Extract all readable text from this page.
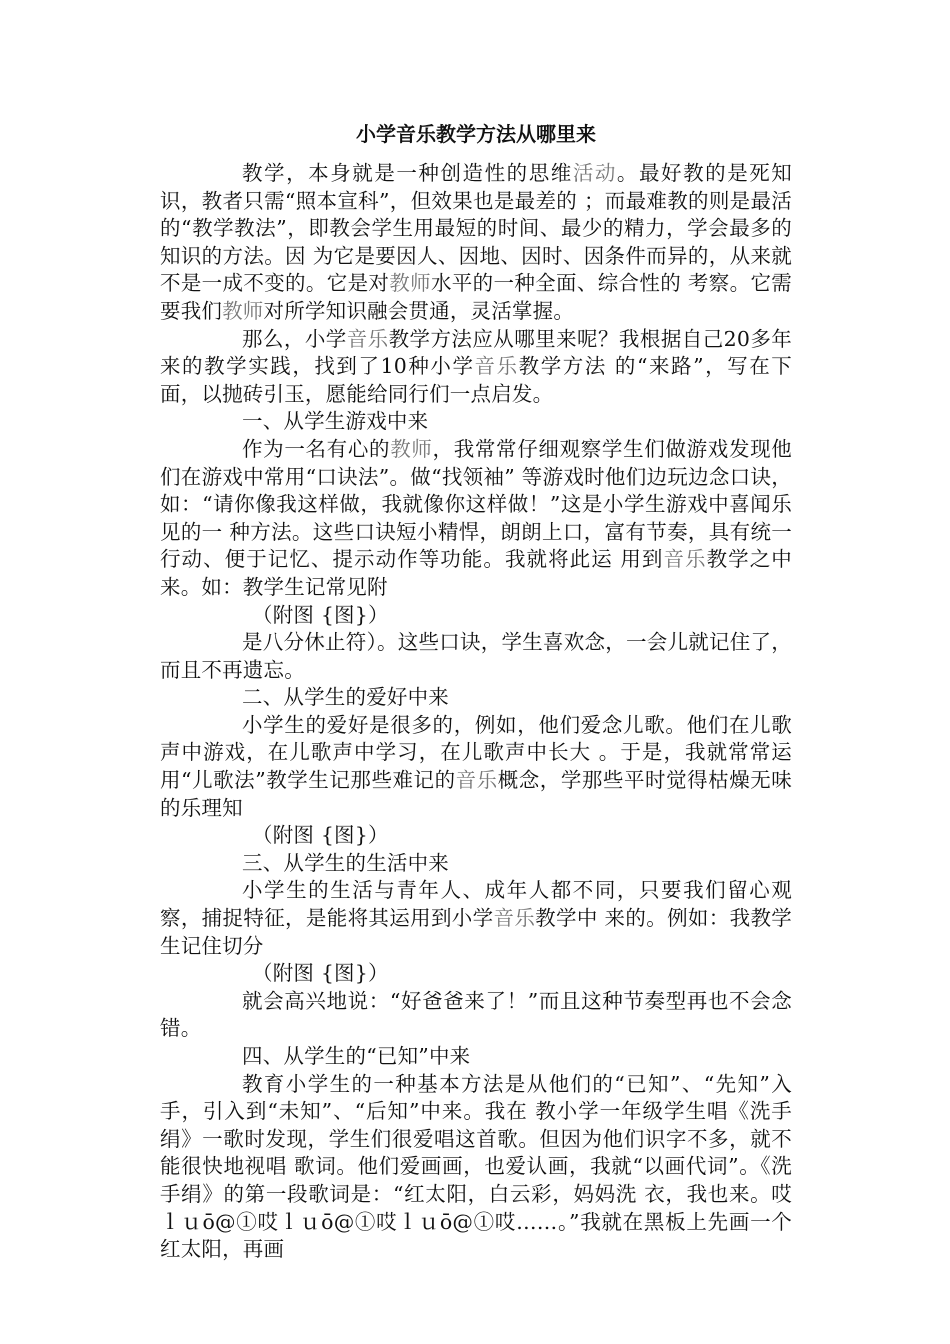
小学音乐教学方法从哪里来

教学，本身就是一种创造性的思维活动。最好教的是死知识，教者只需“照本宣科”，但效果也是最差的 ；而最难教的则是最活的“教学教法”，即教会学生用最短的时间、最少的精力，学会最多的知识的方法。因 为它是要因人、因地、因时、因条件而异的，从来就不是一成不变的。它是对教师水平的一种全面、综合性的 考察。它需要我们教师对所学知识融会贯通，灵活掌握。

那么，小学音乐教学方法应从哪里来呢？我根据自己20多年来的教学实践，找到了10种小学音乐教学方法 的“来路”，写在下面，以抛砖引玉，愿能给同行们一点启发。

一、从学生游戏中来

作为一名有心的教师，我常常仔细观察学生们做游戏发现他们在游戏中常用“口诀法”。做“找领袖” 等游戏时他们边玩边念口诀，如：“请你像我这样做，我就像你这样做！”这是小学生游戏中喜闻乐见的一 种方法。这些口诀短小精悍，朗朗上口，富有节奏，具有统一行动、便于记忆、提示动作等功能。我就将此运 用到音乐教学之中来。如：教学生记常见附

（附图 {图}）

是八分休止符）。这些口诀，学生喜欢念，一会儿就记住了，而且不再遗忘。

二、从学生的爱好中来

小学生的爱好是很多的，例如，他们爱念儿歌。他们在儿歌声中游戏，在儿歌声中学习，在儿歌声中长大 。于是，我就常常运用“儿歌法”教学生记那些难记的音乐概念，学那些平时觉得枯燥无味的乐理知

（附图 {图}）

三、从学生的生活中来

小学生的生活与青年人、成年人都不同，只要我们留心观察，捕捉特征，是能将其运用到小学音乐教学中 来的。例如：我教学生记住切分

（附图 {图}）

就会高兴地说：“好爸爸来了！”而且这种节奏型再也不会念错。

四、从学生的“已知”中来

教育小学生的一种基本方法是从他们的“已知”、“先知”入手，引入到“未知”、“后知”中来。我在 教小学一年级学生唱《洗手绢》一歌时发现，学生们很爱唱这首歌。但因为他们识字不多，就不能很快地视唱 歌词。他们爱画画，也爱认画，我就“以画代词”。《洗手绢》的第一段歌词是：“红太阳，白云彩，妈妈洗 衣，我也来。哎ｌｕō@①哎ｌｕō@①哎ｌｕō@①哎……。”我就在黑板上先画一个红太阳，再画
